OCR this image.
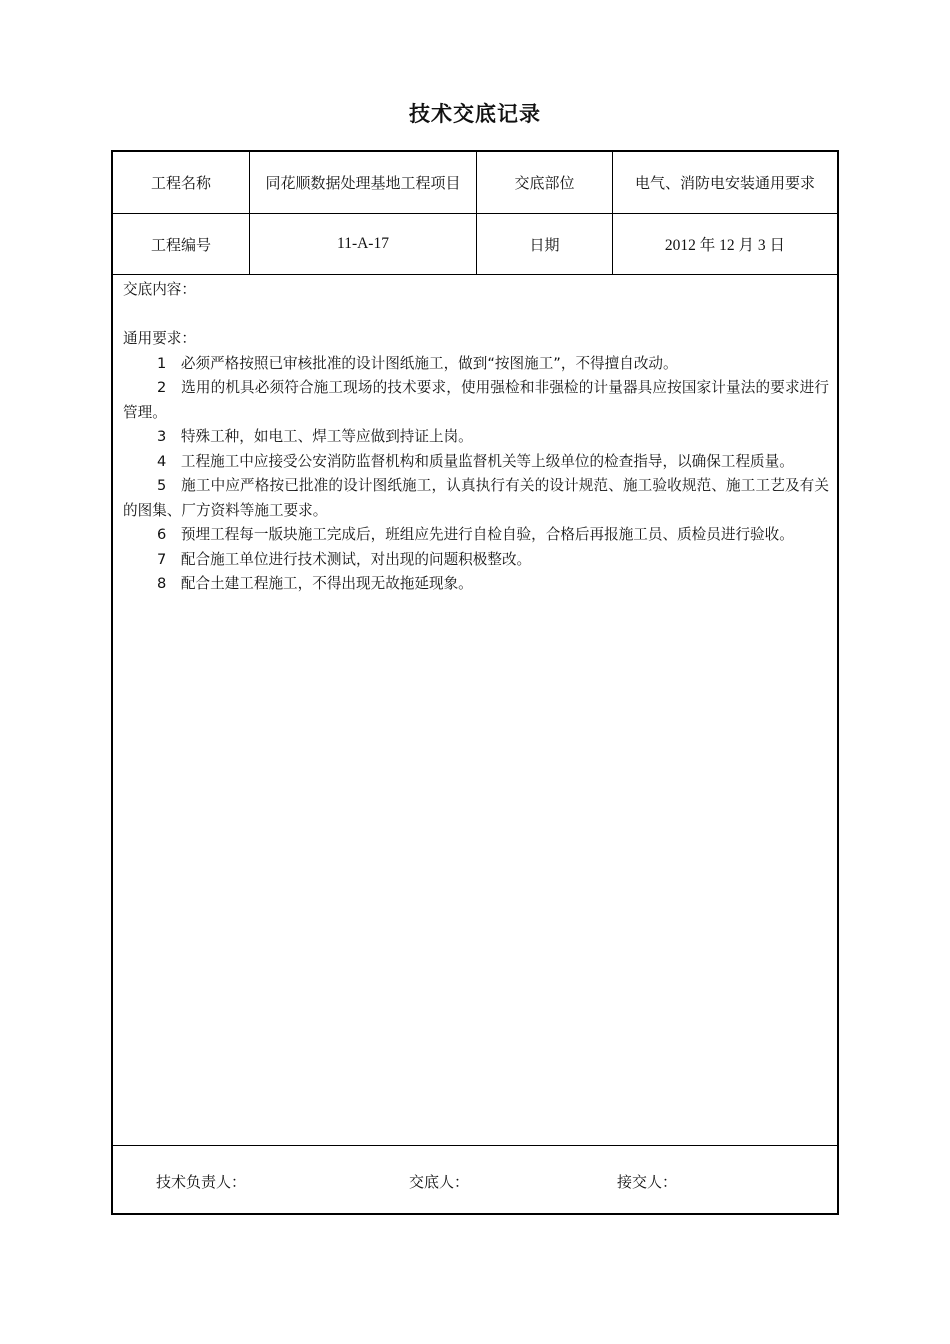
技术交底记录
工程名称	同花顺数据处理基地工程项目	交底部位	电气、消防电安装通用要求
工程编号	11-A-17	日期	2012 年 12 月 3 日

交底内容：

通用要求：

1　必须严格按照已审核批准的设计图纸施工，做到“按图施工”，不得擅自改动。

2　选用的机具必须符合施工现场的技术要求，使用强检和非强检的计量器具应按国家计量法的要求进行管理。

3　特殊工种，如电工、焊工等应做到持证上岗。

4　工程施工中应接受公安消防监督机构和质量监督机关等上级单位的检查指导，以确保工程质量。

5　施工中应严格按已批准的设计图纸施工，认真执行有关的设计规范、施工验收规范、施工工艺及有关的图集、厂方资料等施工要求。

6　预埋工程每一版块施工完成后，班组应先进行自检自验，合格后再报施工员、质检员进行验收。

7　配合施工单位进行技术测试，对出现的问题积极整改。

8　配合土建工程施工，不得出现无故拖延现象。

技术负责人：	交底人：	接交人：
